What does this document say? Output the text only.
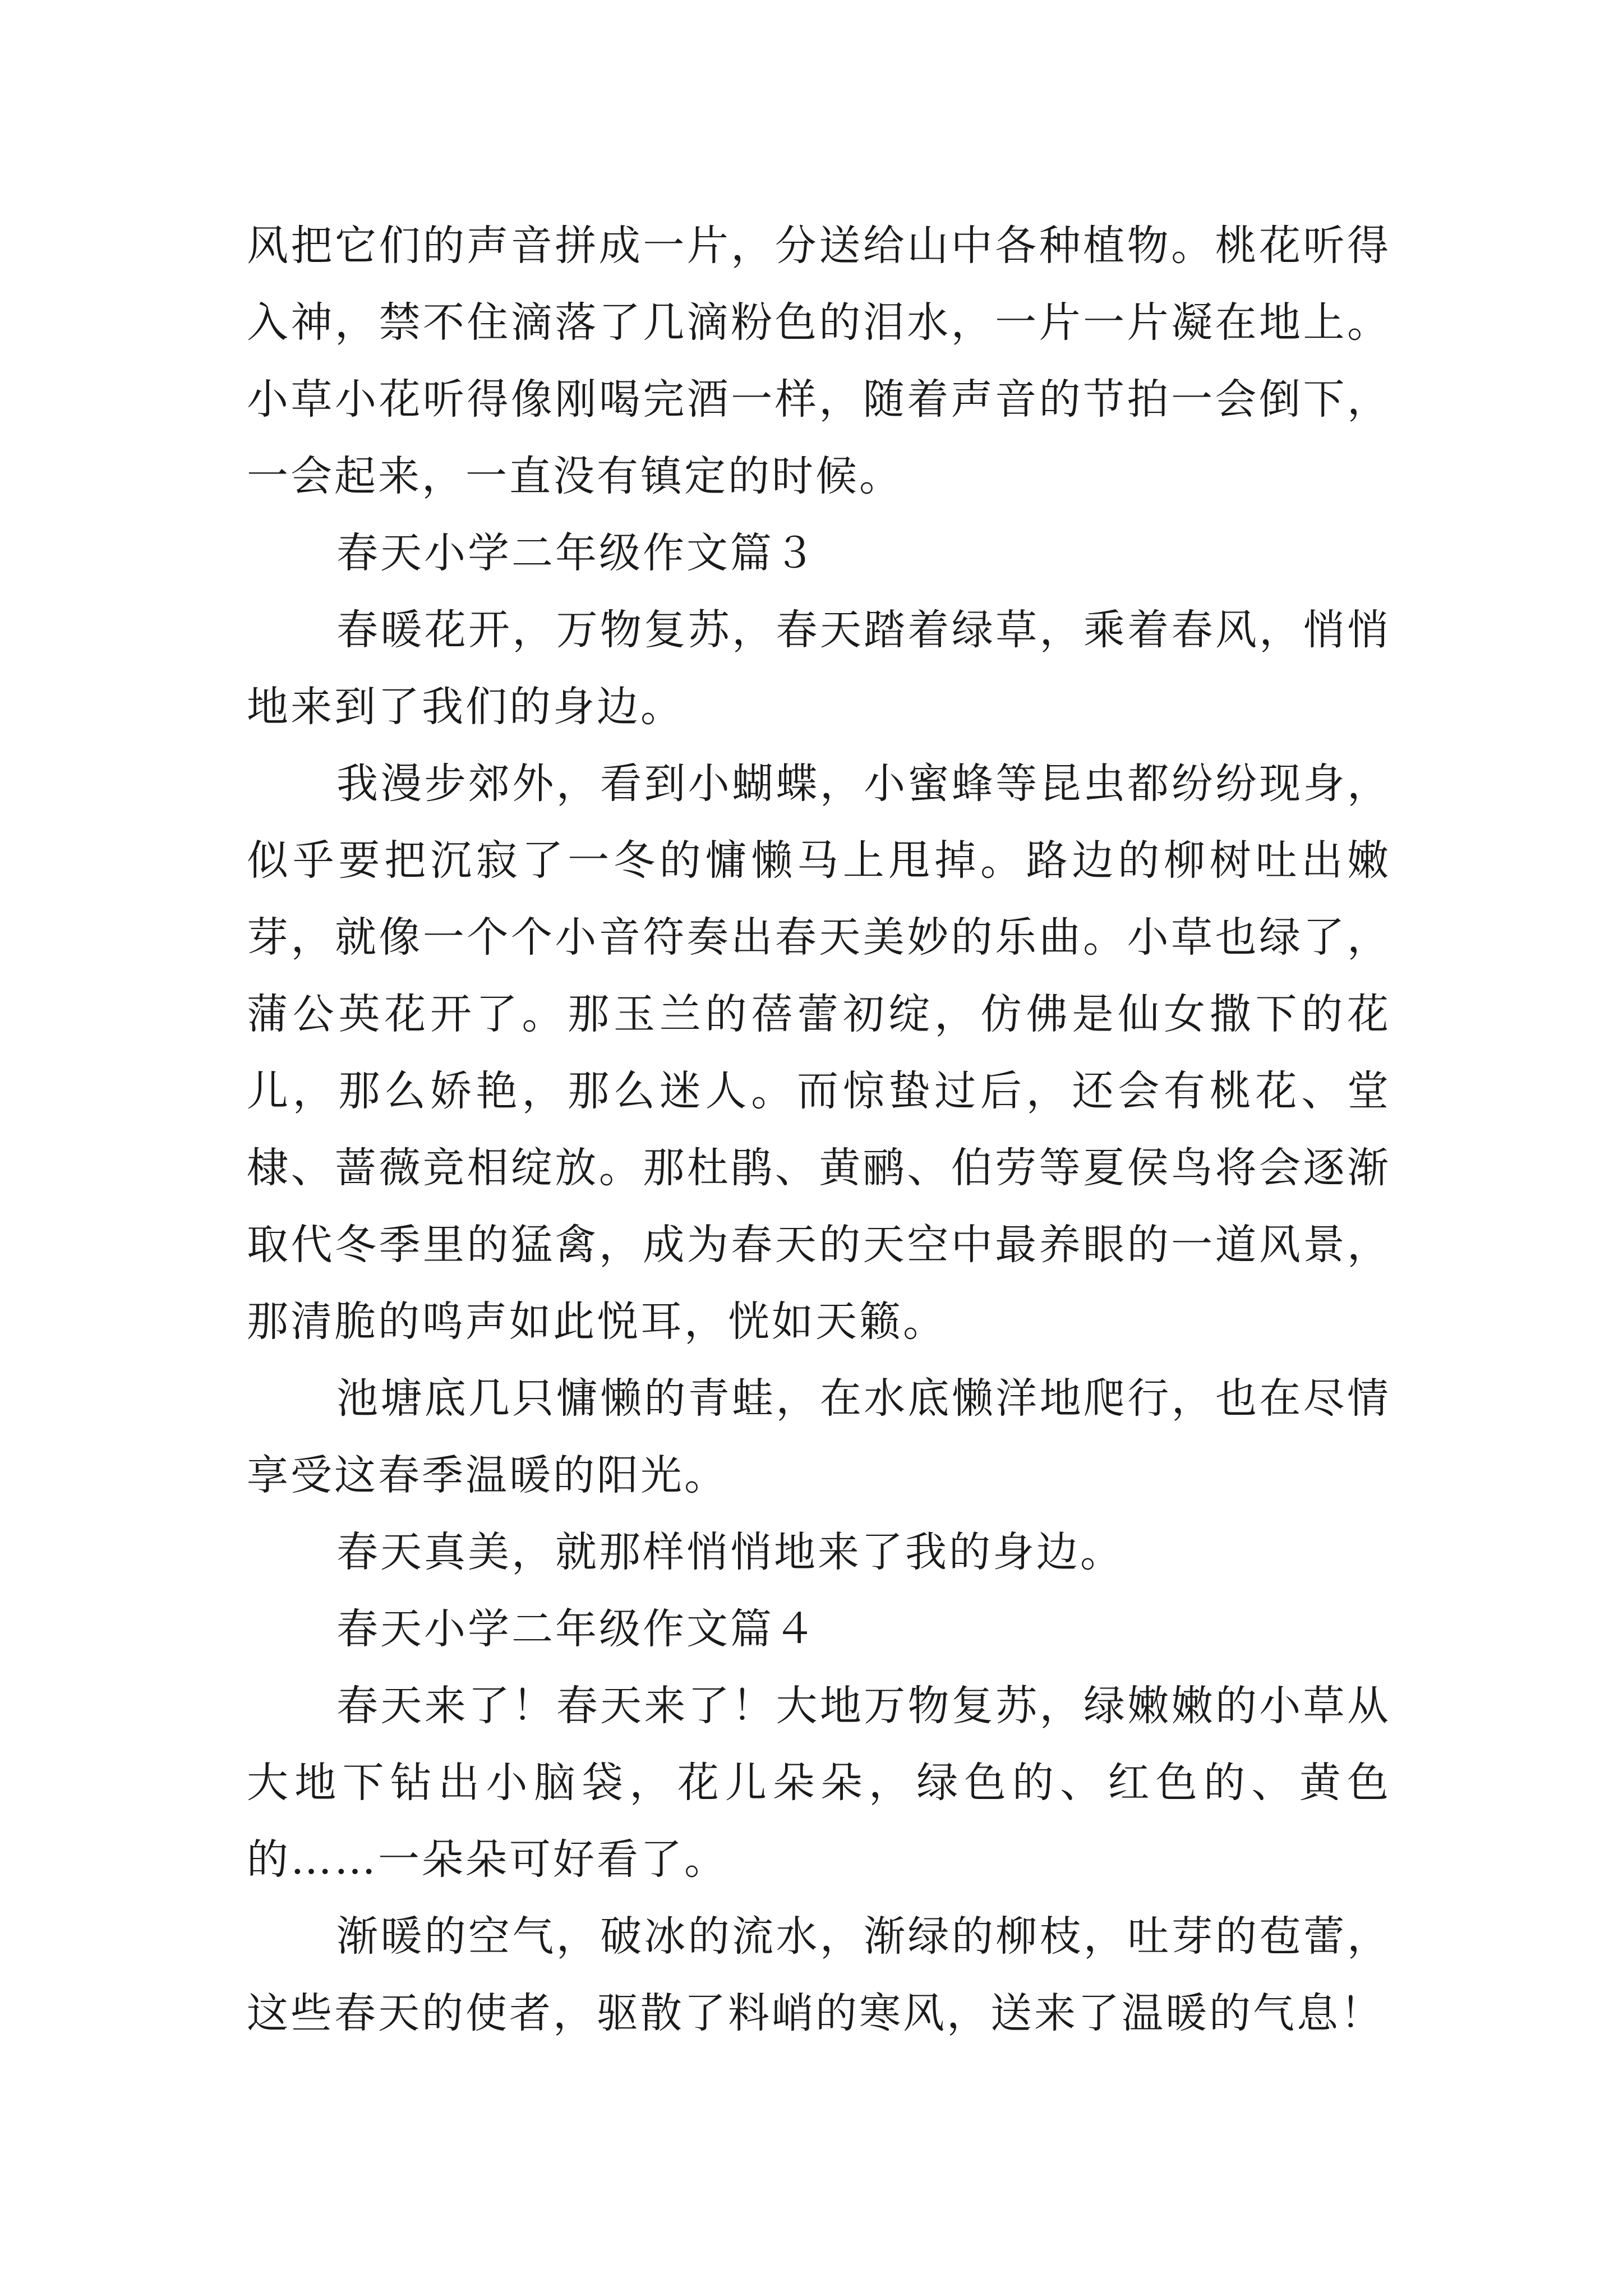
风把它们的声音拼成一片，分送给山中各种植物。桃花听得入神，禁不住滴落了几滴粉色的泪水，一片一片凝在地上。小草小花听得像刚喝完酒一样，随着声音的节拍一会倒下，一会起来，一直没有镇定的时候。

春天小学二年级作文篇３

春暖花开，万物复苏，春天踏着绿草，乘着春风，悄悄地来到了我们的身边。

我漫步郊外，看到小蝴蝶，小蜜蜂等昆虫都纷纷现身，似乎要把沉寂了一冬的慵懒马上甩掉。路边的柳树吐出嫩芽，就像一个个小音符奏出春天美妙的乐曲。小草也绿了，蒲公英花开了。那玉兰的蓓蕾初绽，仿佛是仙女撒下的花儿，那么娇艳，那么迷人。而惊蛰过后，还会有桃花、堂棣、蔷薇竞相绽放。那杜鹃、黄鹂、伯劳等夏侯鸟将会逐渐取代冬季里的猛禽，成为春天的天空中最养眼的一道风景，那清脆的鸣声如此悦耳，恍如天籁。

池塘底几只慵懒的青蛙，在水底懒洋地爬行，也在尽情享受这春季温暖的阳光。

春天真美，就那样悄悄地来了我的身边。

春天小学二年级作文篇４

春天来了！春天来了！大地万物复苏，绿嫩嫩的小草从大地下钻出小脑袋，花儿朵朵，绿色的、红色的、黄色的……一朵朵可好看了。

渐暖的空气，破冰的流水，渐绿的柳枝，吐芽的苞蕾，这些春天的使者，驱散了料峭的寒风，送来了温暖的气息！
